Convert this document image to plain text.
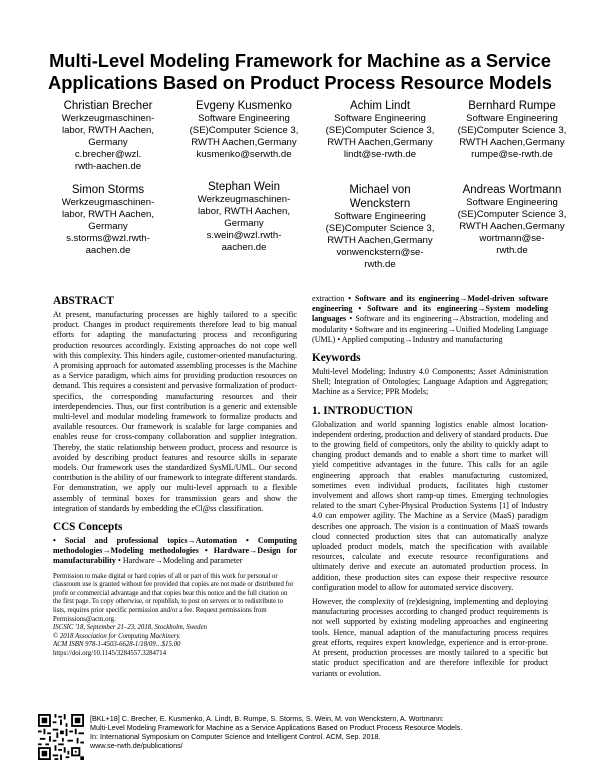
Multi-Level Modeling Framework for Machine as a Service
Applications Based on Product Process Resource Models
Christian Brecher
Werkzeugmaschinen-
labor, RWTH Aachen,
Germany
c.brecher@wzl.
rwth-aachen.de
Evgeny Kusmenko
Software Engineering
(SE)Computer Science 3,
RWTH Aachen,Germany
kusmenko@serwth.de
Achim Lindt
Software Engineering
(SE)Computer Science 3,
RWTH Aachen,Germany
lindt@se-rwth.de
Bernhard Rumpe
Software Engineering
(SE)Computer Science 3,
RWTH Aachen,Germany
rumpe@se-rwth.de
Simon Storms
Werkzeugmaschinen-
labor, RWTH Aachen,
Germany
s.storms@wzl.rwth-
aachen.de
Stephan Wein
Werkzeugmaschinen-
labor, RWTH Aachen,
Germany
s.wein@wzl.rwth-
aachen.de
Michael von
Wenckstern
Software Engineering
(SE)Computer Science 3,
RWTH Aachen,Germany
vonwenckstern@se-
rwth.de
Andreas Wortmann
Software Engineering
(SE)Computer Science 3,
RWTH Aachen,Germany
wortmann@se-
rwth.de
ABSTRACT

At present, manufacturing processes are highly tailored to a specific product. Changes in product requirements therefore lead to big manual efforts for adapting the manufacturing process and reconfiguring production resources accordingly. Existing approaches do not cope well with this complexity. This hinders agile, customer-oriented manufacturing. A promising approach for automated assembling processes is the Machine as a Service paradigm, which aims for providing production resources on demand. This requires a consistent and pervasive formalization of product-specifics, the corresponding manufacturing resources and their interdependencies. Thus, our first contribution is a generic and extensible multi-level and modular modeling framework to formalize products and available resources. Our framework is scalable for large companies and enables reuse for cross-company collaboration and supplier integration. Thereby, the static relationship between product, process and resource is avoided by describing product features and resource skills in separate models. Our framework uses the standardized SysML/UML. Our second contribution is the ability of our framework to integrate different standards. For demonstration, we apply our multi-level approach to a flexible assembly of terminal boxes for transmission gears and show the integration of standards by embedding the eCl@ss classification.

CCS Concepts

• Social and professional topics→Automation • Computing methodologies→Modeling methodologies • Hardware→Design for manufacturability • Hardware→Modeling and parameter

Permission to make digital or hard copies of all or part of this work for personal or classroom use is granted without fee provided that copies are not made or distributed for profit or commercial advantage and that copies bear this notice and the full citation on the first page. To copy otherwise, or republish, to post on servers or to redistribute to lists, requires prior specific permission and/or a fee. Request permissions from Permissions@acm.org.
ISCSIC '18, September 21–23, 2018, Stockholm, Sweden
© 2018 Association for Computing Machinery.
ACM ISBN 978-1-4503-6628-1/18/09…$15.00
https://doi.org/10.1145/3284557.3284714

extraction • Software and its engineering→Model-driven software engineering • Software and its engineering→System modeling languages • Software and its engineering→Abstraction, modeling and modularity • Software and its engineering→Unified Modeling Language (UML) • Applied computing→Industry and manufacturing

Keywords

Multi-level Modeling; Industry 4.0 Components; Asset Administration Shell; Integration of Ontologies; Language Adaption and Aggregation; Machine as a Service; PPR Models;

1. INTRODUCTION

Globalization and world spanning logistics enable almost location-independent ordering, production and delivery of standard products. Due to the growing field of competitors, only the ability to quickly adapt to changing product demands and to enable a short time to market will yield competitive advantages in the future. This calls for an agile engineering approach that enables manufacturing customized, sometimes even individual products, facilitates high customer involvement and allows short ramp-up times. Emerging technologies related to the smart Cyber-Physical Production Systems [1] of Industry 4.0 can empower agility. The Machine as a Service (MaaS) paradigm describes one approach. The vision is a continuation of MaaS towards cloud connected production sites that can automatically analyze uploaded product models, match the specification with available resources, calculate and execute resource reconfigurations and ultimately derive and execute an automated production process. In addition, these production sites can expose their respective resource configuration model to allow for automated service discovery.

However, the complexity of (re)designing, implementing and deploying manufacturing processes according to changed product requirements is not well supported by existing modeling approaches and engineering tools. Hence, manual adaption of the manufacturing process requires great efforts, requires expert knowledge, experience and is error-prone. At present, production processes are mostly tailored to a specific but static product specification and are therefore inflexible for product variants or evolution.

[BKL+18] C. Brecher, E. Kusmenko, A. Lindt, B. Rumpe, S. Storms, S. Wein, M. von Wenckstern, A. Wortmann:
Multi-Level Modeling Framework for Machine as a Service Applications Based on Product Process Resource Models.
In: International Symposium on Computer Science and Intelligent Control. ACM, Sep. 2018.
www.se-rwth.de/publications/
